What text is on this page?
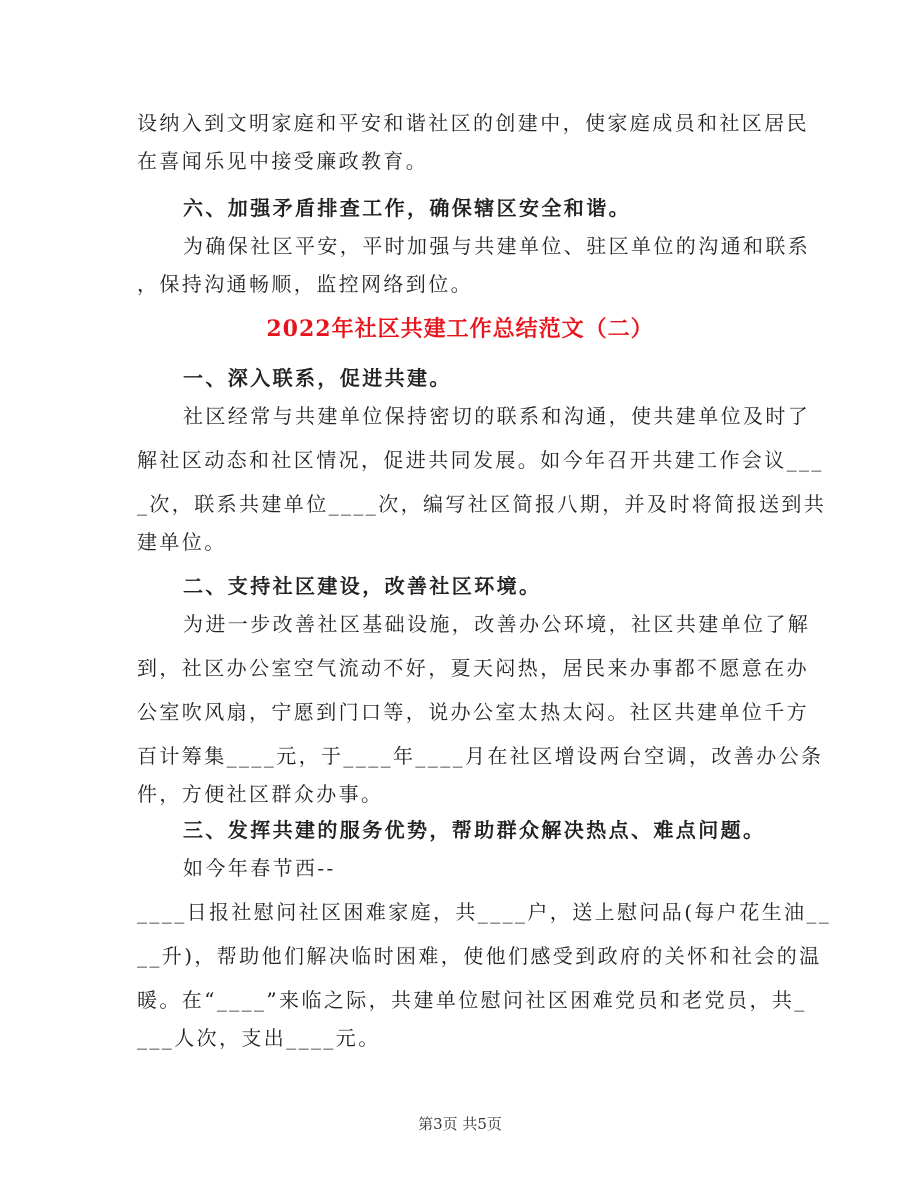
设纳入到文明家庭和平安和谐社区的创建中，使家庭成员和社区居民
在喜闻乐见中接受廉政教育。
六、加强矛盾排查工作，确保辖区安全和谐。
为确保社区平安，平时加强与共建单位、驻区单位的沟通和联系
，保持沟通畅顺，监控网络到位。
2022年社区共建工作总结范文（二）
一、深入联系，促进共建。
社区经常与共建单位保持密切的联系和沟通，使共建单位及时了
解社区动态和社区情况，促进共同发展。如今年召开共建工作会议___
_次，联系共建单位____次，编写社区简报八期，并及时将简报送到共
建单位。
二、支持社区建设，改善社区环境。
为进一步改善社区基础设施，改善办公环境，社区共建单位了解
到，社区办公室空气流动不好，夏天闷热，居民来办事都不愿意在办
公室吹风扇，宁愿到门口等，说办公室太热太闷。社区共建单位千方
百计筹集____元，于____年____月在社区增设两台空调，改善办公条
件，方便社区群众办事。
三、发挥共建的服务优势，帮助群众解决热点、难点问题。
如今年春节西--
____日报社慰问社区困难家庭，共____户，送上慰问品(每户花生油__
__升)，帮助他们解决临时困难，使他们感受到政府的关怀和社会的温
暖。在“____”来临之际，共建单位慰问社区困难党员和老党员，共_
___人次，支出____元。
第3页 共5页
